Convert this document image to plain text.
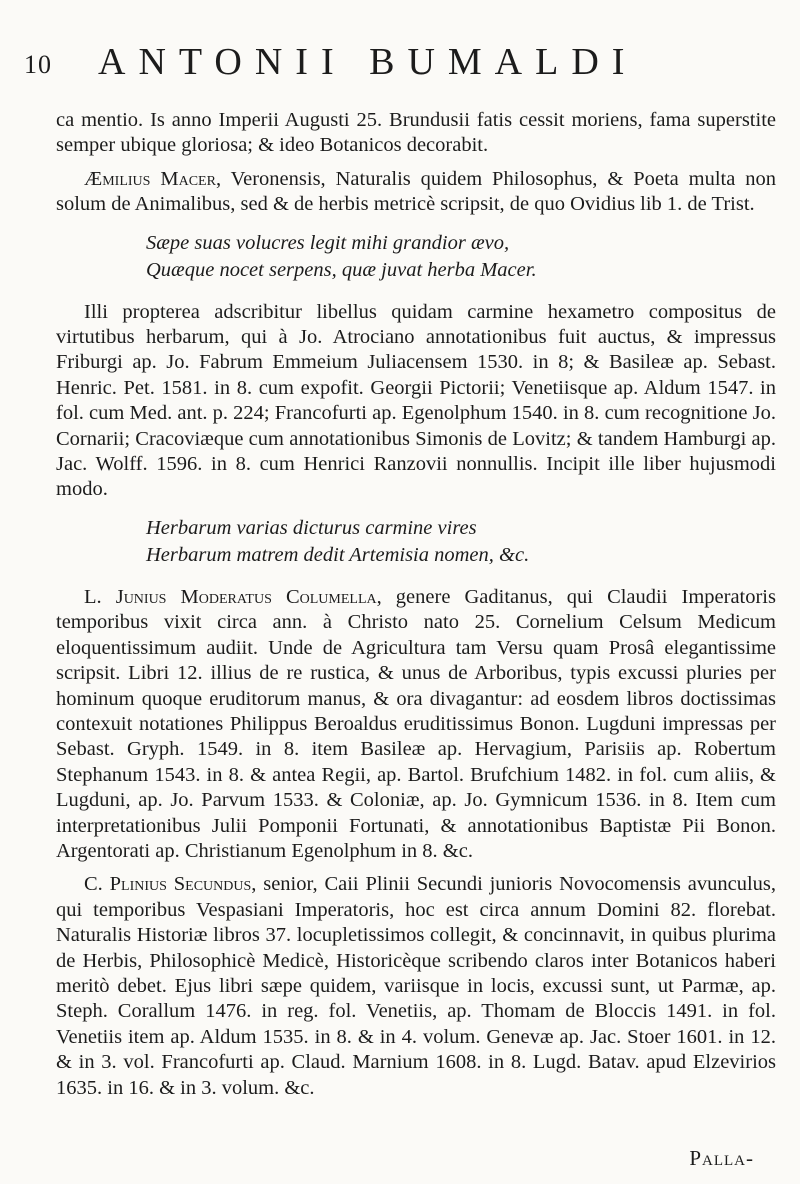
10 ANTONII BUMALDI

ca mentio. Is anno Imperii Augusti 25. Brundusii fatis cessit moriens, fama superstite semper ubique gloriosa; & ideo Botanicos decorabit.

Æmilius Macer, Veronensis, Naturalis quidem Philosophus, & Poeta multa non solum de Animalibus, sed & de herbis metricè scripsit, de quo Ovidius lib 1. de Trist.

Sæpe suas volucres legit mihi grandior ævo,
Quæque nocet serpens, quæ juvat herba Macer.

Illi propterea adscribitur libellus quidam carmine hexametro compositus de virtutibus herbarum, qui à Jo. Atrociano annotationibus fuit auctus, & impressus Friburgi ap. Jo. Fabrum Emmeium Juliacensem 1530. in 8; & Basileæ ap. Sebast. Henric. Pet. 1581. in 8. cum expofit. Georgii Pictorii; Venetiisque ap. Aldum 1547. in fol. cum Med. ant. p. 224; Francofurti ap. Egenolphum 1540. in 8. cum recognitione Jo. Cornarii; Cracoviæque cum annotationibus Simonis de Lovitz; & tandem Hamburgi ap. Jac. Wolff. 1596. in 8. cum Henrici Ranzovii nonnullis. Incipit ille liber hujusmodi modo.

Herbarum varias dicturus carmine vires
Herbarum matrem dedit Artemisia nomen, &c.

L. Junius Moderatus Columella, genere Gaditanus, qui Claudii Imperatoris temporibus vixit circa ann. à Christo nato 25. Cornelium Celsum Medicum eloquentissimum audiit. Unde de Agricultura tam Versu quam Prosâ elegantissime scripsit. Libri 12. illius de re rustica, & unus de Arboribus, typis excussi pluries per hominum quoque eruditorum manus, & ora divagantur: ad eosdem libros doctissimas contexuit notationes Philippus Beroaldus eruditissimus Bonon. Lugduni impressas per Sebast. Gryph. 1549. in 8. item Basileæ ap. Hervagium, Parisiis ap. Robertum Stephanum 1543. in 8. & antea Regii, ap. Bartol. Brufchium 1482. in fol. cum aliis, & Lugduni, ap. Jo. Parvum 1533. & Coloniæ, ap. Jo. Gymnicum 1536. in 8. Item cum interpretationibus Julii Pomponii Fortunati, & annotationibus Baptistæ Pii Bonon. Argentorati ap. Christianum Egenolphum in 8. &c.

C. Plinius Secundus, senior, Caii Plinii Secundi junioris Novocomensis avunculus, qui temporibus Vespasiani Imperatoris, hoc est circa annum Domini 82. florebat. Naturalis Historiæ libros 37. locupletissimos collegit, & concinnavit, in quibus plurima de Herbis, Philosophicè Medicè, Historicèque scribendo claros inter Botanicos haberi meritò debet. Ejus libri sæpe quidem, variisque in locis, excussi sunt, ut Parmæ, ap. Steph. Corallum 1476. in reg. fol. Venetiis, ap. Thomam de Bloccis 1491. in fol. Venetiis item ap. Aldum 1535. in 8. & in 4. volum. Genevæ ap. Jac. Stoer 1601. in 12. & in 3. vol. Francofurti ap. Claud. Marnium 1608. in 8. Lugd. Batav. apud Elzevirios 1635. in 16. & in 3. volum. &c.

Palla-
